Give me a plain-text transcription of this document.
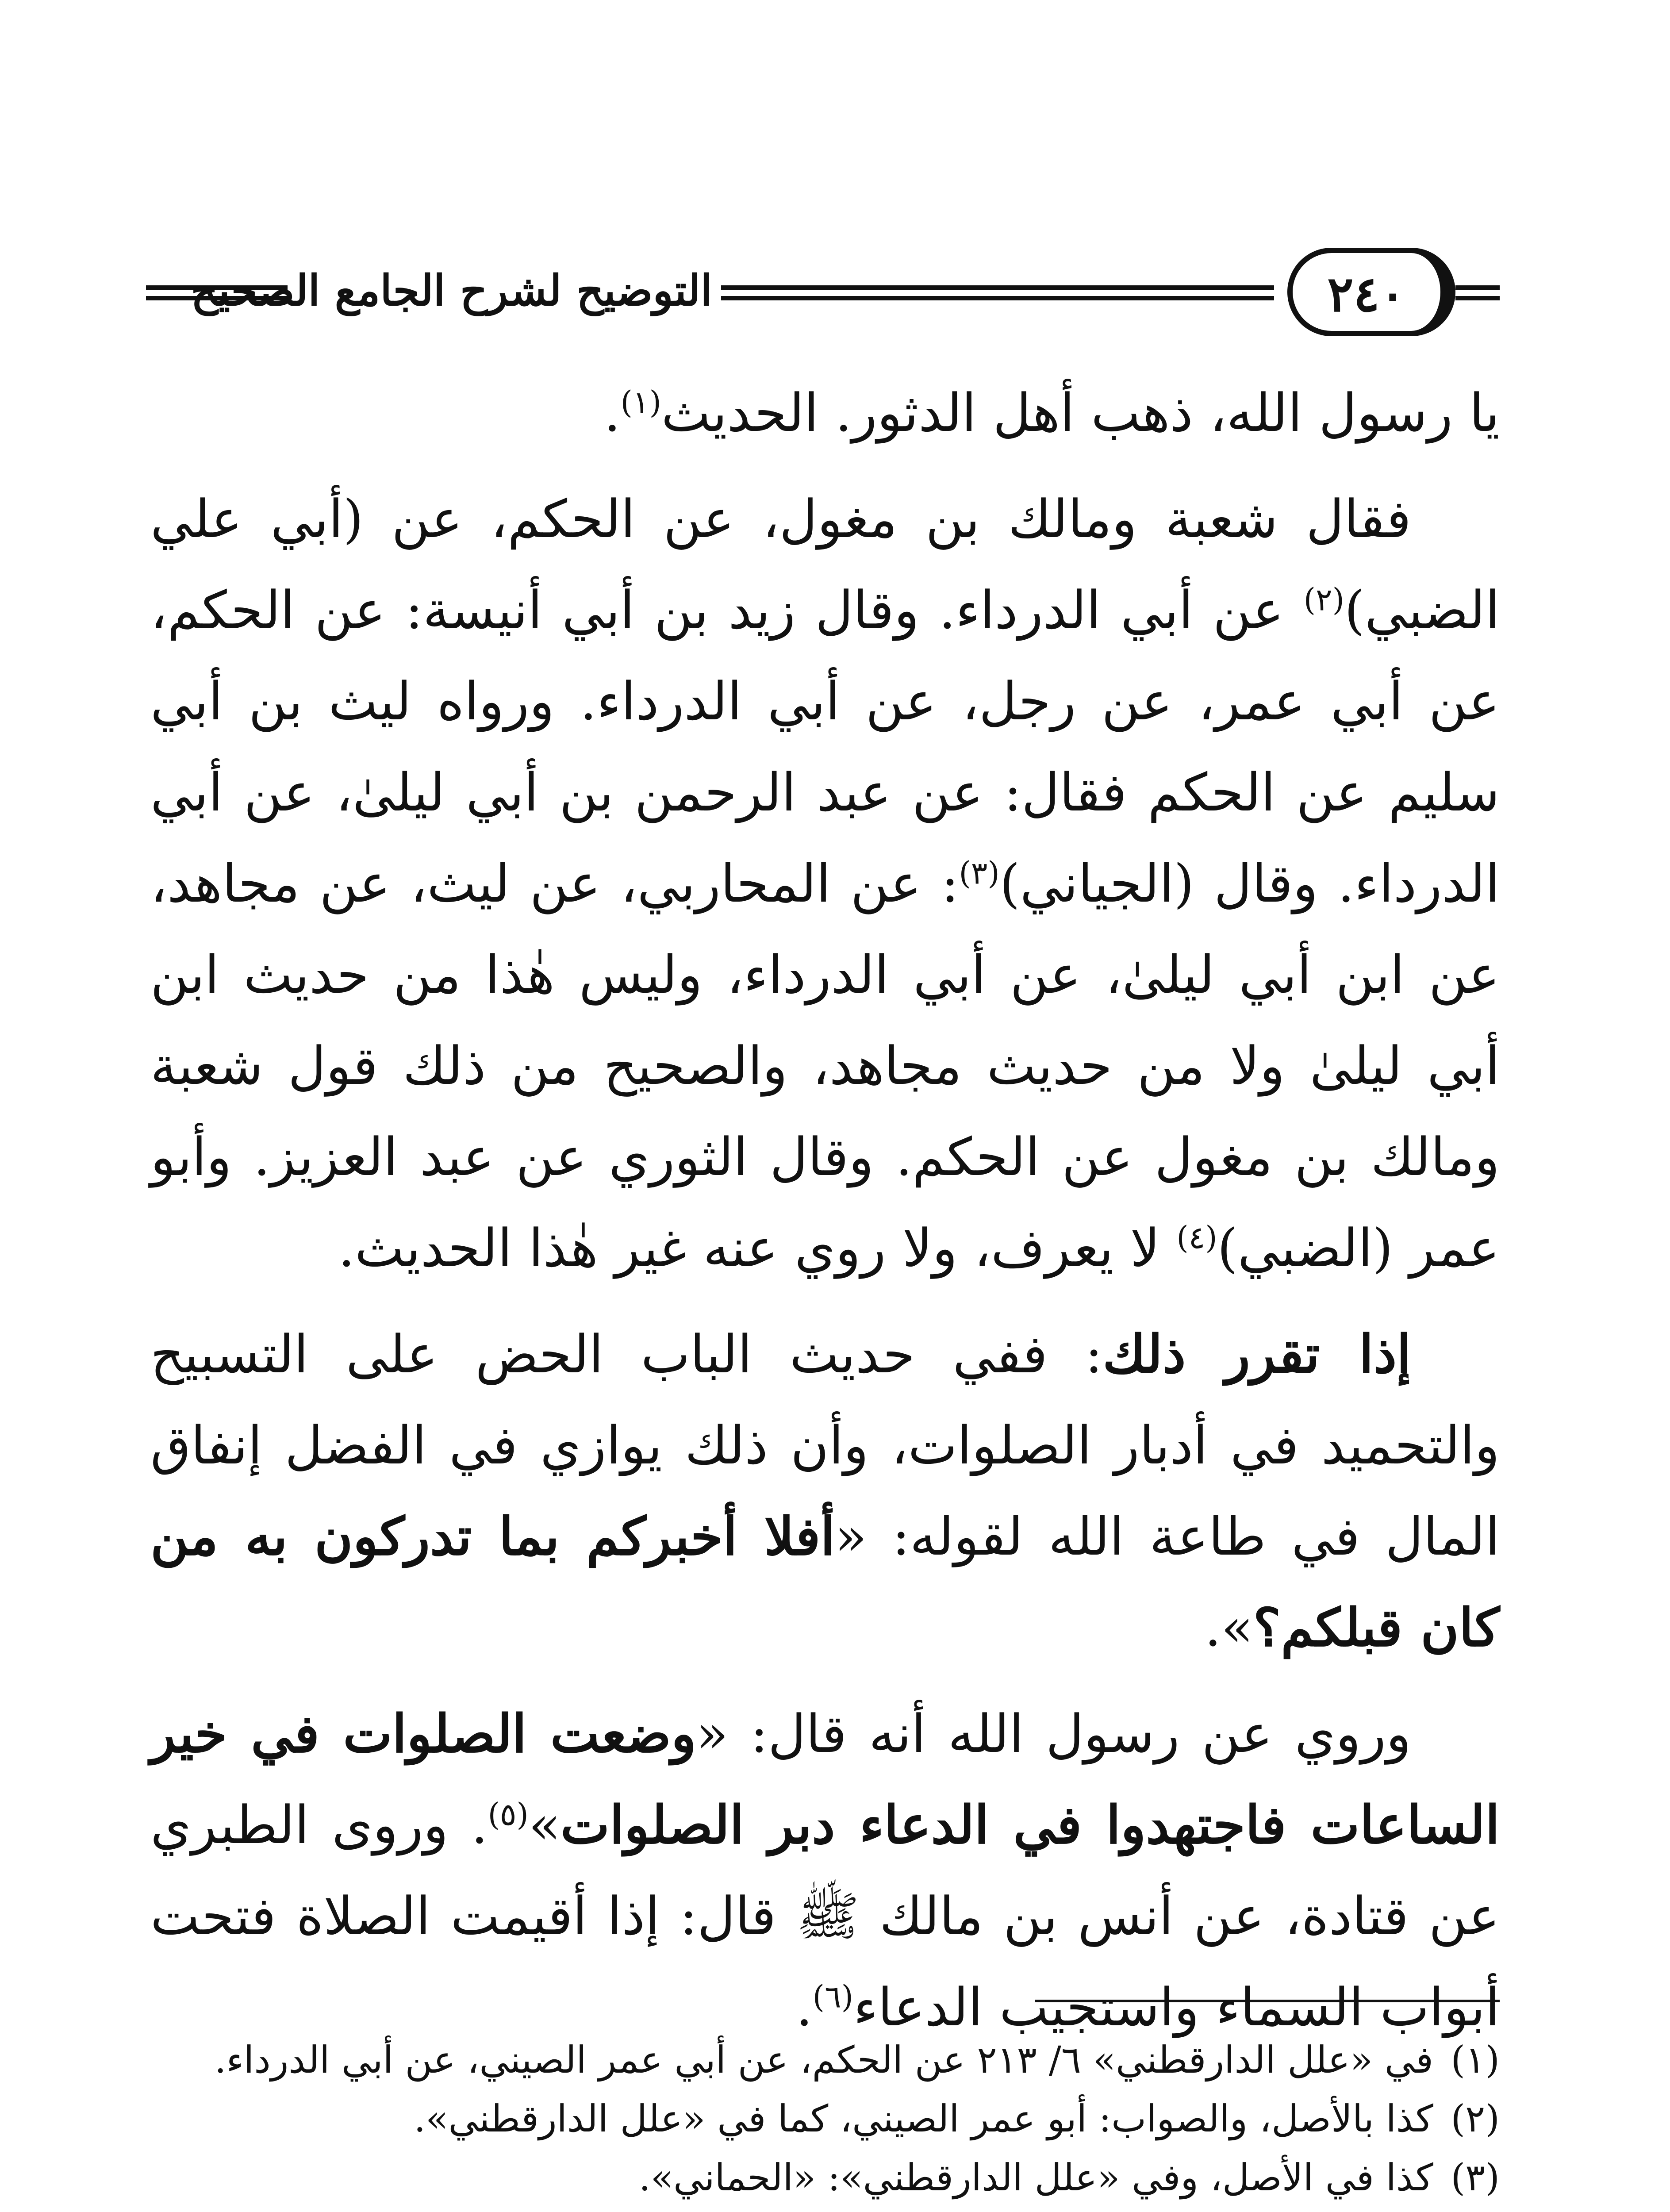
التوضيح لشرح الجامع الصحيح	٢٤٠

يا رسول الله، ذهب أهل الدثور. الحديث$^{(١)}$.

فقال شعبة ومالك بن مغول، عن الحكم، عن (أبي علي الضبي)$^{(٢)}$ عن أبي الدرداء. وقال زيد بن أبي أنيسة: عن الحكم، عن أبي عمر، عن رجل، عن أبي الدرداء. ورواه ليث بن أبي سليم عن الحكم فقال: عن عبد الرحمن بن أبي ليلىٰ، عن أبي الدرداء. وقال (الجياني)$^{(٣)}$: عن المحاربي، عن ليث، عن مجاهد، عن ابن أبي ليلىٰ، عن أبي الدرداء، وليس هٰذا من حديث ابن أبي ليلىٰ ولا من حديث مجاهد، والصحيح من ذلك قول شعبة ومالك بن مغول عن الحكم. وقال الثوري عن عبد العزيز. وأبو عمر (الضبي)$^{(٤)}$ لا يعرف، ولا روي عنه غير هٰذا الحديث.

إذا تقرر ذلك: ففي حديث الباب الحض على التسبيح والتحميد في أدبار الصلوات، وأن ذلك يوازي في الفضل إنفاق المال في طاعة الله لقوله: «أفلا أخبركم بما تدركون به من كان قبلكم؟».

وروي عن رسول الله أنه قال: «وضعت الصلوات في خير الساعات فاجتهدوا في الدعاء دبر الصلوات»$^{(٥)}$. وروى الطبري عن قتادة، عن أنس بن مالك ﷺ قال: إذا أقيمت الصلاة فتحت أبواب السماء واستجيب الدعاء$^{(٦)}$.

(١)
في «علل الدارقطني» ٦/ ٢١٣ عن الحكم، عن أبي عمر الصيني، عن أبي الدرداء.
(٢)
كذا بالأصل، والصواب: أبو عمر الصيني، كما في «علل الدارقطني».
(٣)
كذا في الأصل، وفي «علل الدارقطني»: «الحماني».
